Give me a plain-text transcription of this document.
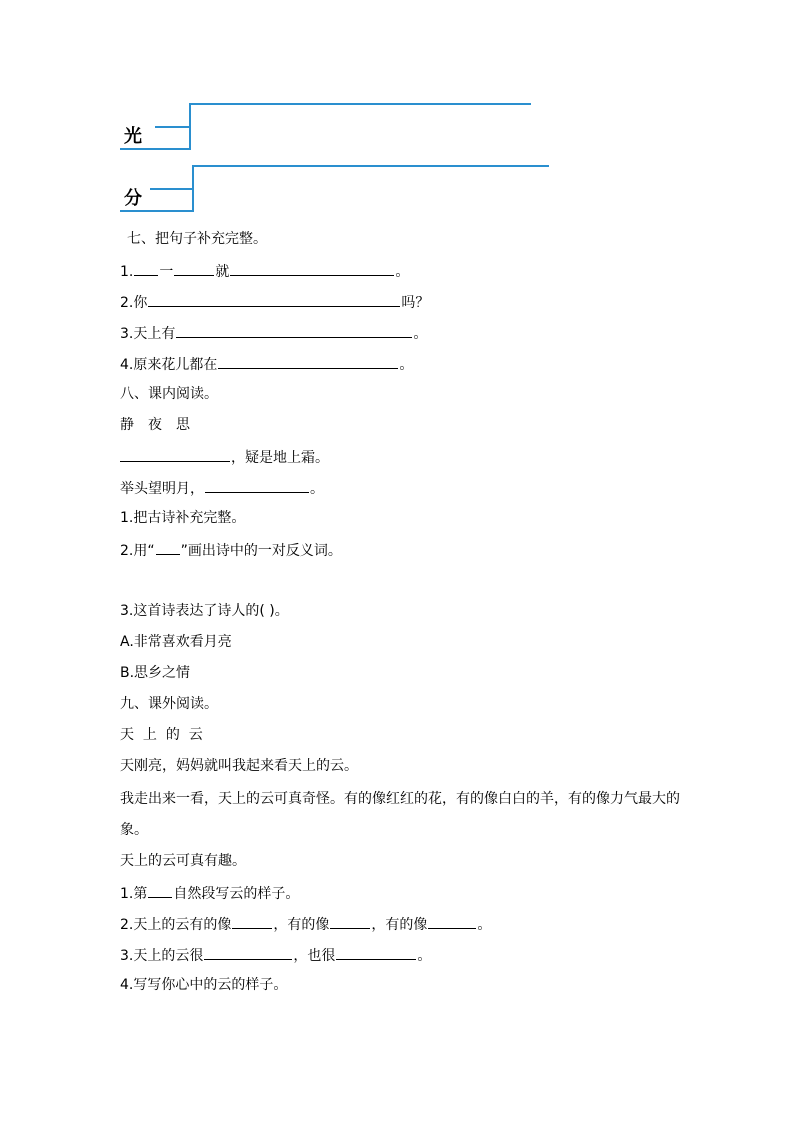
光
分
七、把句子补充完整。
1. 一	就	。
2.你	吗？
3.天上有	。
4.原来花儿都在	。
八、课内阅读。
静 夜 思
，疑是地上霜。
举头望明月，	。
1.把古诗补充完整。
2.用“ ”画出诗中的一对反义词。
3.这首诗表达了诗人的( )。
A.非常喜欢看月亮
B.思乡之情
九、课外阅读。
天 上 的 云
天刚亮，妈妈就叫我起来看天上的云。
我走出来一看，天上的云可真奇怪。有的像红红的花，有的像白白的羊，有的像力气最大的
象。
天上的云可真有趣。
1.第 自然段写云的样子。
2.天上的云有的像	，有的像	，有的像	。
3.天上的云很	，也很	。
4.写写你心中的云的样子。
